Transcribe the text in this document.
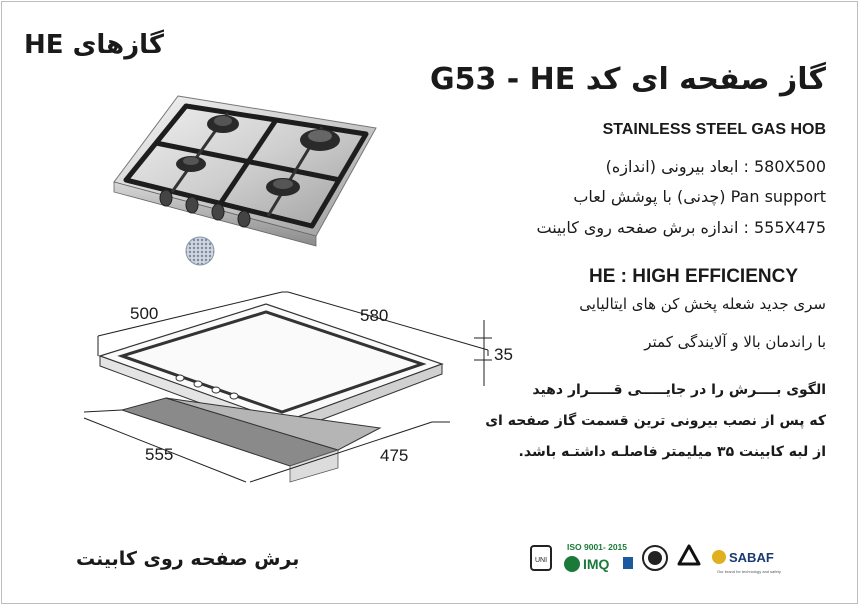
گازهای HE
گاز صفحه ای کد G53 - HE
STAINLESS STEEL GAS HOB
580X500 : ابعاد بیرونی (اندازه)
Pan support (چدنی) با پوشش لعاب
555X475 : اندازه برش صفحه روی کابینت
HE : HIGH EFFICIENCY
سری جدید شعله پخش کن های ایتالیایی
با راندمان بالا و آلایندگی کمتر
الگوی بــــرش را در جایـــــی قـــــرار دهید
که پس از نصب بیرونی ترین قسمت گاز صفحه ای
از لبه کابینت ۳۵ میلیمتر فاصلـه داشتـه باشد.
برش صفحه روی کابینت
500	580
35
555	475
UNI
ISO 9001- 2015
IMQ	SABAF
Our brand for technology and safety
